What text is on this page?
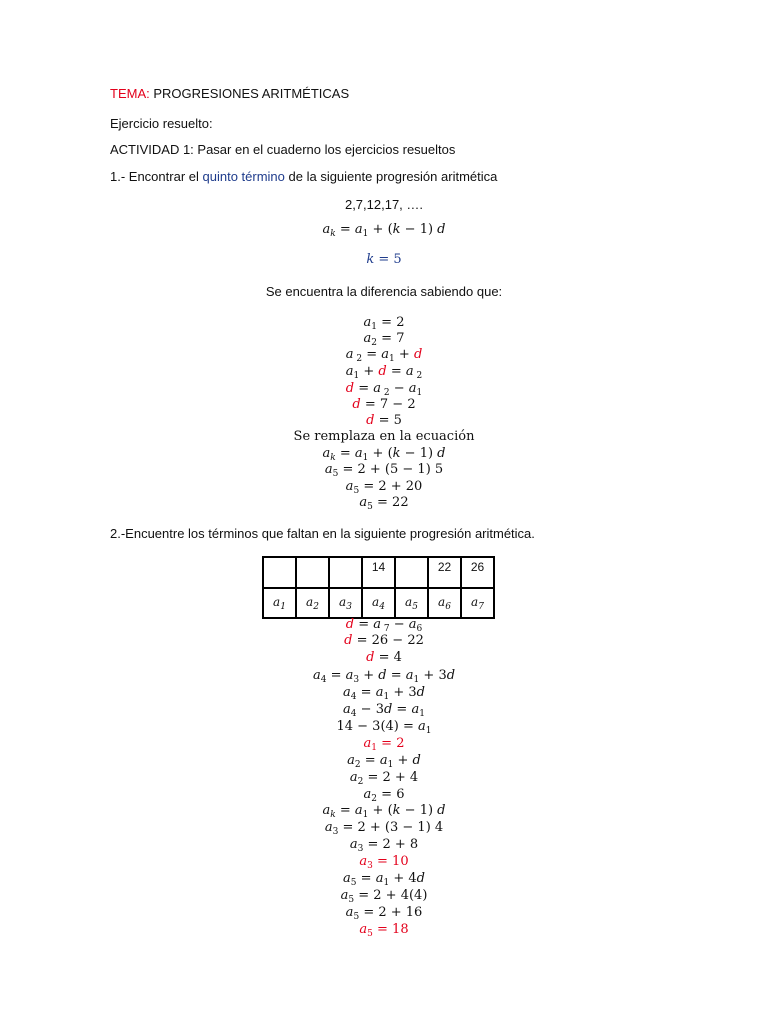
TEMA: PROGRESIONES ARITMÉTICAS
Ejercicio resuelto:
ACTIVIDAD 1: Pasar en el cuaderno los ejercicios resueltos
1.- Encontrar el quinto término de la siguiente progresión aritmética
2,7,12,17, ….
$a_k = a_1 + (k - 1)$ d
k = 5
Se encuentra la diferencia sabiendo que:
$a_1 = 2$
$a_2 = 7$
a $_2 = a_1 + d$
$a_1 + d = a$ $_2$
d = a $_2 - a_1$
d = 7 − 2
d = 5
Se remplaza en la ecuación
$a_k = a_1 + (k - 1)$ d
$a_5 = 2 + (5 - 1)$ 5
$a_5 = 2 + 20$
$a_5 = 22$
2.-Encuentre los términos que faltan en la siguiente progresión aritmética.
			14		22	26
$a_1$	$a_2$	$a_3$	$a_4$	$a_5$	$a_6$	$a_7$
d = a $_7 - a_6$
d = 26 − 22
d = 4
$a_4 = a_3 + d = a_1 + 3d$
$a_4 = a_1 + 3d$
$a_4 - 3d = a_1$
$14 - 3(4) = a_1$
$a_1 = 2$
$a_2 = a_1 + d$
$a_2 = 2 + 4$
$a_2 = 6$
$a_k = a_1 + (k - 1)$ d
$a_3 = 2 + (3 - 1)$ 4
$a_3 = 2 + 8$
$a_3 = 10$
$a_5 = a_1 + 4d$
$a_5 = 2 + 4(4)$
$a_5 = 2 + 16$
$a_5 = 18$
